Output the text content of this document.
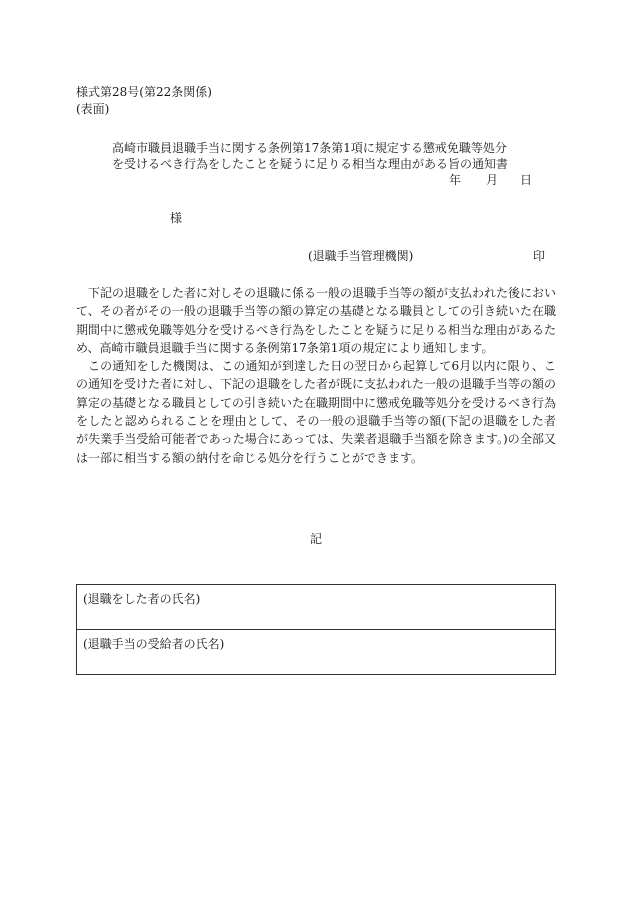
様式第28号(第22条関係)
(表面)
高崎市職員退職手当に関する条例第17条第1項に規定する懲戒免職等処分
を受けるべき行為をしたことを疑うに足りる相当な理由がある旨の通知書
年 月 日
様
(退職手当管理機関)	印

下記の退職をした者に対しその退職に係る一般の退職手当等の額が支払われた後において、その者がその一般の退職手当等の額の算定の基礎となる職員としての引き続いた在職期間中に懲戒免職等処分を受けるべき行為をしたことを疑うに足りる相当な理由があるため、高崎市職員退職手当に関する条例第17条第1項の規定により通知します。

この通知をした機関は、この通知が到達した日の翌日から起算して6月以内に限り、この通知を受けた者に対し、下記の退職をした者が既に支払われた一般の退職手当等の額の算定の基礎となる職員としての引き続いた在職期間中に懲戒免職等処分を受けるべき行為をしたと認められることを理由として、その一般の退職手当等の額(下記の退職をした者が失業手当受給可能者であった場合にあっては、失業者退職手当額を除きます。)の全部又は一部に相当する額の納付を命じる処分を行うことができます。

記
(退職をした者の氏名)
(退職手当の受給者の氏名)
